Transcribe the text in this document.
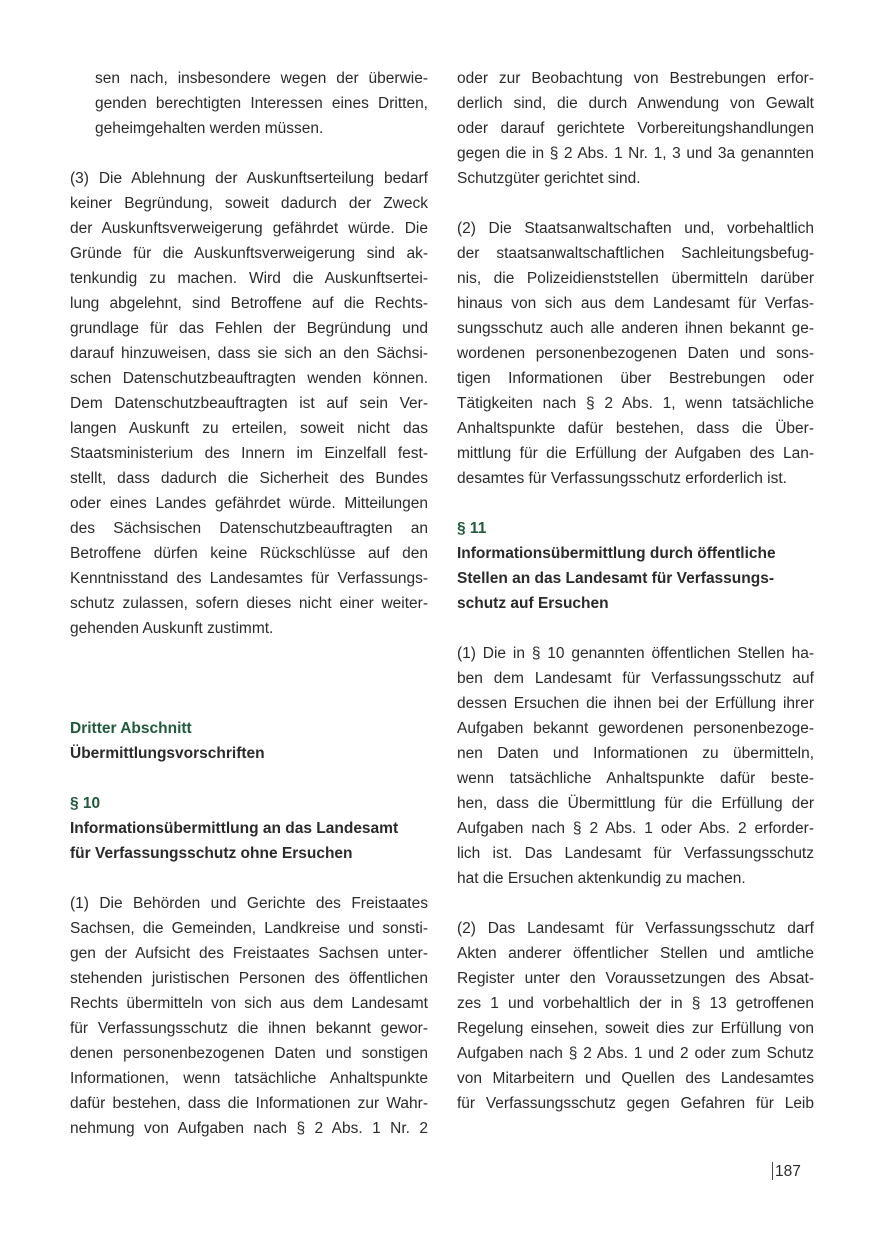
sen nach, insbesondere wegen der überwie-
genden berechtigten Interessen eines Dritten,
geheimgehalten werden müssen.
(3) Die Ablehnung der Auskunftserteilung bedarf
keiner Begründung, soweit dadurch der Zweck
der Auskunftsverweigerung gefährdet würde. Die
Gründe für die Auskunftsverweigerung sind ak-
tenkundig zu machen. Wird die Auskunftsertei-
lung abgelehnt, sind Betroffene auf die Rechts-
grundlage für das Fehlen der Begründung und
darauf hinzuweisen, dass sie sich an den Sächsi-
schen Datenschutzbeauftragten wenden können.
Dem Datenschutzbeauftragten ist auf sein Ver-
langen Auskunft zu erteilen, soweit nicht das
Staatsministerium des Innern im Einzelfall fest-
stellt, dass dadurch die Sicherheit des Bundes
oder eines Landes gefährdet würde. Mitteilungen
des Sächsischen Datenschutzbeauftragten an
Betroffene dürfen keine Rückschlüsse auf den
Kenntnisstand des Landesamtes für Verfassungs-
schutz zulassen, sofern dieses nicht einer weiter-
gehenden Auskunft zustimmt.
Dritter Abschnitt
Übermittlungsvorschriften
§ 10
Informationsübermittlung an das Landesamt
für Verfassungsschutz ohne Ersuchen
(1) Die Behörden und Gerichte des Freistaates
Sachsen, die Gemeinden, Landkreise und sonsti-
gen der Aufsicht des Freistaates Sachsen unter-
stehenden juristischen Personen des öffentlichen
Rechts übermitteln von sich aus dem Landesamt
für Verfassungsschutz die ihnen bekannt gewor-
denen personenbezogenen Daten und sonstigen
Informationen, wenn tatsächliche Anhaltspunkte
dafür bestehen, dass die Informationen zur Wahr-
nehmung von Aufgaben nach § 2 Abs. 1 Nr. 2
oder zur Beobachtung von Bestrebungen erfor-
derlich sind, die durch Anwendung von Gewalt
oder darauf gerichtete Vorbereitungshandlungen
gegen die in § 2 Abs. 1 Nr. 1, 3 und 3a genannten
Schutzgüter gerichtet sind.
(2) Die Staatsanwaltschaften und, vorbehaltlich
der staatsanwaltschaftlichen Sachleitungsbefug-
nis, die Polizeidienststellen übermitteln darüber
hinaus von sich aus dem Landesamt für Verfas-
sungsschutz auch alle anderen ihnen bekannt ge-
wordenen personenbezogenen Daten und sons-
tigen Informationen über Bestrebungen oder
Tätigkeiten nach § 2 Abs. 1, wenn tatsächliche
Anhaltspunkte dafür bestehen, dass die Über-
mittlung für die Erfüllung der Aufgaben des Lan-
desamtes für Verfassungsschutz erforderlich ist.
§ 11
Informationsübermittlung durch öffentliche
Stellen an das Landesamt für Verfassungs-
schutz auf Ersuchen
(1) Die in § 10 genannten öffentlichen Stellen ha-
ben dem Landesamt für Verfassungsschutz auf
dessen Ersuchen die ihnen bei der Erfüllung ihrer
Aufgaben bekannt gewordenen personenbezoge-
nen Daten und Informationen zu übermitteln,
wenn tatsächliche Anhaltspunkte dafür beste-
hen, dass die Übermittlung für die Erfüllung der
Aufgaben nach § 2 Abs. 1 oder Abs. 2 erforder-
lich ist. Das Landesamt für Verfassungsschutz
hat die Ersuchen aktenkundig zu machen.
(2) Das Landesamt für Verfassungsschutz darf
Akten anderer öffentlicher Stellen und amtliche
Register unter den Voraussetzungen des Absat-
zes 1 und vorbehaltlich der in § 13 getroffenen
Regelung einsehen, soweit dies zur Erfüllung von
Aufgaben nach § 2 Abs. 1 und 2 oder zum Schutz
von Mitarbeitern und Quellen des Landesamtes
für Verfassungsschutz gegen Gefahren für Leib
187
